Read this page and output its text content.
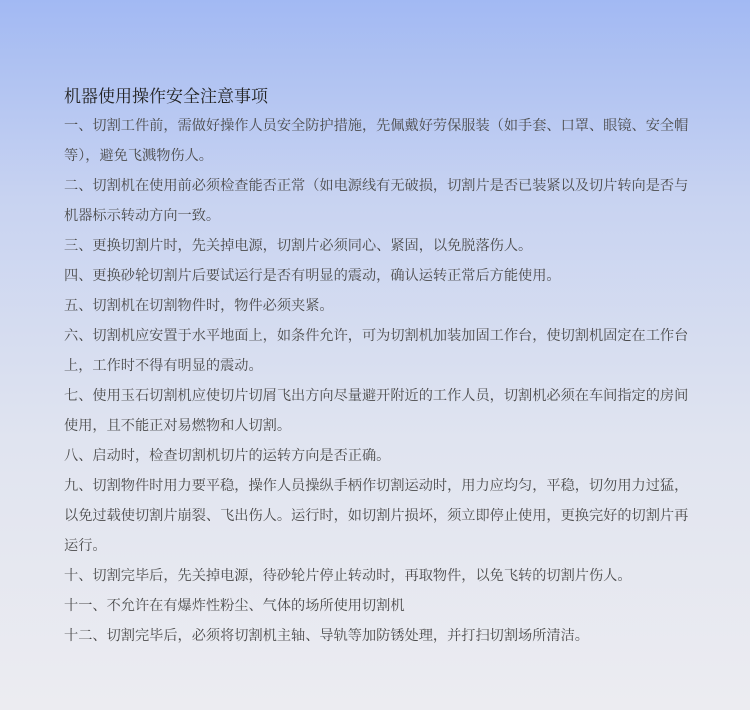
机器使用操作安全注意事项

一、切割工件前，需做好操作人员安全防护措施，先佩戴好劳保服装（如手套、口罩、眼镜、安全帽等），避免飞溅物伤人。

二、切割机在使用前必须检查能否正常（如电源线有无破损，切割片是否已装紧以及切片转向是否与机器标示转动方向一致。

三、更换切割片时，先关掉电源，切割片必须同心、紧固，以免脱落伤人。

四、更换砂轮切割片后要试运行是否有明显的震动，确认运转正常后方能使用。

五、切割机在切割物件时，物件必须夹紧。

六、切割机应安置于水平地面上，如条件允许，可为切割机加装加固工作台，使切割机固定在工作台上，工作时不得有明显的震动。

七、使用玉石切割机应使切片切屑飞出方向尽量避开附近的工作人员，切割机必须在车间指定的房间使用，且不能正对易燃物和人切割。

八、启动时，检查切割机切片的运转方向是否正确。

九、切割物件时用力要平稳，操作人员操纵手柄作切割运动时，用力应均匀，平稳，切勿用力过猛，以免过载使切割片崩裂、飞出伤人。运行时，如切割片损坏，须立即停止使用，更换完好的切割片再运行。

十、切割完毕后，先关掉电源，待砂轮片停止转动时，再取物件，以免飞转的切割片伤人。

十一、不允许在有爆炸性粉尘、气体的场所使用切割机

十二、切割完毕后，必须将切割机主轴、导轨等加防锈处理，并打扫切割场所清洁。
